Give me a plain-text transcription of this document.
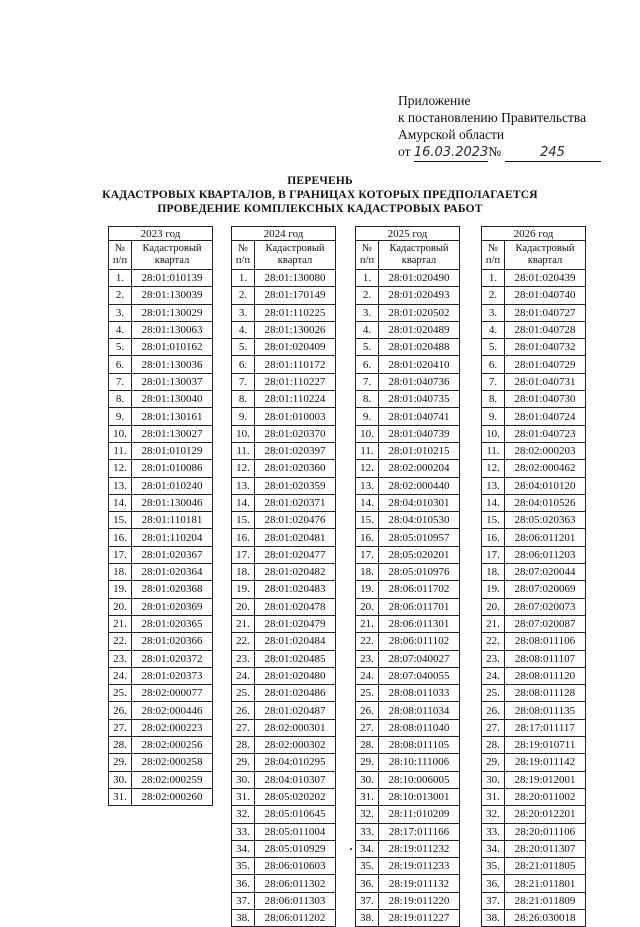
Приложение
к постановлению Правительства
Амурской области
от 16.03.2023№	245
ПЕРЕЧЕНЬ
КАДАСТРОВЫХ КВАРТАЛОВ, В ГРАНИЦАХ КОТОРЫХ ПРЕДПОЛАГАЕТСЯ
ПРОВЕДЕНИЕ КОМПЛЕКСНЫХ КАДАСТРОВЫХ РАБОТ
2023 год	
№
п/п	Кадастровый
квартал
1.	28:01:010139
2.	28:01:130039
3.	28:01:130029
4.	28:01:130063
5.	28:01:010162
6.	28:01:130036
7.	28:01:130037
8.	28:01:130040
9.	28:01:130161
10.	28:01:130027
11.	28:01:010129
12.	28:01:010086
13.	28:01:010240
14.	28:01:130046
15.	28:01:110181
16.	28:01:110204
17.	28:01:020367
18.	28:01:020364
19.	28:01:020368
20.	28:01:020369
21.	28:01:020365
22.	28:01:020366
23.	28:01:020372
24.	28:01:020373
25.	28:02:000077
26.	28:02:000446
27.	28:02:000223
28.	28:02:000256
29.	28:02:000258
30.	28:02:000259
31.	28:02:000260
2024 год	
№
п/п	Кадастровый
квартал
1.	28:01:130080
2.	28:01:170149
3.	28:01:110225
4.	28:01:130026
5.	28:01:020409
6.	28:01:110172
7.	28:01:110227
8.	28:01:110224
9.	28:01:010003
10.	28:01:020370
11.	28:01:020397
12.	28:01:020360
13.	28:01:020359
14.	28:01:020371
15.	28:01:020476
16.	28:01:020481
17.	28:01:020477
18.	28:01:020482
19.	28:01:020483
20.	28:01:020478
21.	28:01:020479
22.	28:01:020484
23.	28:01:020485
24.	28:01:020480
25.	28:01:020486
26.	28:01:020487
27.	28:02:000301
28.	28:02:000302
29.	28:04:010295
30.	28:04:010307
31.	28:05:020202
32.	28:05:010645
33.	28:05:011004
34.	28:05:010929
35.	28:06:010603
36.	28:06:011302
37.	28:06:011303
38.	28:06:011202
2025 год	
№
п/п	Кадастровый
квартал
1.	28:01:020490
2.	28:01:020493
3.	28:01:020502
4.	28:01:020489
5.	28:01:020488
6.	28:01:020410
7.	28:01:040736
8.	28:01:040735
9.	28:01:040741
10.	28:01:040739
11.	28:01:010215
12.	28:02:000204
13.	28:02:000440
14.	28:04:010301
15.	28:04:010530
16.	28:05:010957
17.	28:05:020201
18.	28:05:010976
19.	28:06:011702
20.	28:06:011701
21.	28:06:011301
22.	28:06:011102
23.	28:07:040027
24.	28:07:040055
25.	28:08:011033
26.	28:08:011034
27.	28:08:011040
28.	28:08:011105
29.	28:10:111006
30.	28:10:006005
31.	28:10:013001
32.	28:11:010209
33.	28:17:011166
34.	28:19:011232
35.	28:19:011233
36.	28:19:011132
37.	28:19:011220
38.	28:19:011227
2026 год	
№
п/п	Кадастровый
квартал
1.	28:01:020439
2.	28:01:040740
3.	28:01:040727
4.	28:01:040728
5.	28:01:040732
6.	28:01:040729
7.	28:01:040731
8.	28:01:040730
9.	28:01:040724
10.	28:01:040723
11.	28:02:000203
12.	28:02:000462
13.	28:04:010120
14.	28:04:010526
15.	28:05:020363
16.	28:06:011201
17.	28:06:011203
18.	28:07:020044
19.	28:07:020069
20.	28:07:020073
21.	28:07:020087
22.	28:08:011106
23.	28:08:011107
24.	28:08:011120
25.	28:08:011128
26.	28:08:011135
27.	28:17:011117
28.	28:19:010711
29.	28:19:011142
30.	28:19:012001
31.	28:20:011002
32.	28:20:012201
33.	28:20:011106
34.	28:20:011307
35.	28:21:011805
36.	28:21:011801
37.	28:21:011809
38.	28:26:030018
